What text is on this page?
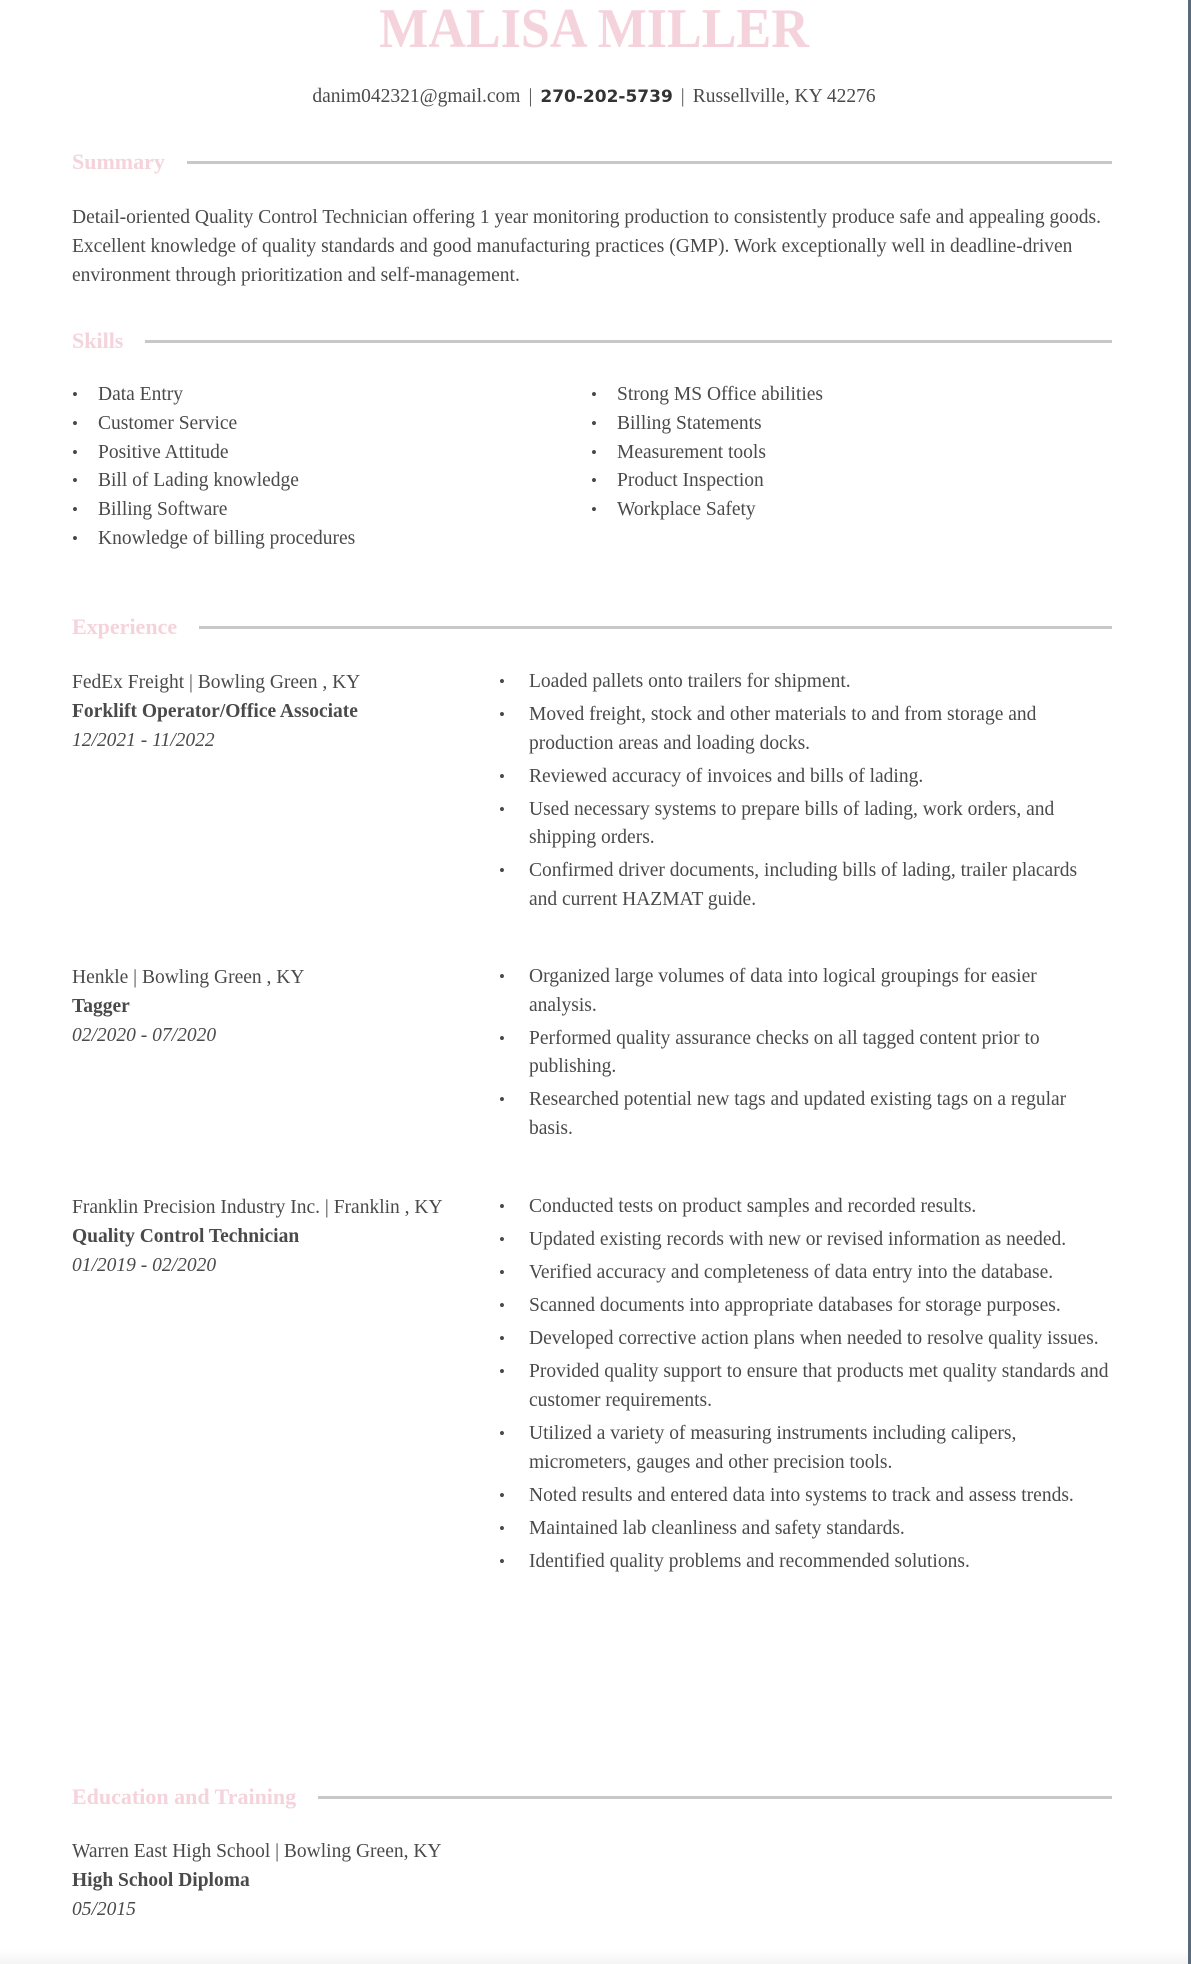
MALISA MILLER
danim042321@gmail.com | 270-202-5739 | Russellville, KY 42276
Summary
Detail-oriented Quality Control Technician offering 1 year monitoring production to consistently produce safe and appealing goods. Excellent knowledge of quality standards and good manufacturing practices (GMP). Work exceptionally well in deadline-driven environment through prioritization and self-management.
Skills
• Data Entry
• Customer Service
• Positive Attitude
• Bill of Lading knowledge
• Billing Software
• Knowledge of billing procedures
• Strong MS Office abilities
• Billing Statements
• Measurement tools
• Product Inspection
• Workplace Safety
Experience
FedEx Freight | Bowling Green , KY
Forklift Operator/Office Associate
12/2021 - 11/2022
• Loaded pallets onto trailers for shipment.
• Moved freight, stock and other materials to and from storage and production areas and loading docks.
• Reviewed accuracy of invoices and bills of lading.
• Used necessary systems to prepare bills of lading, work orders, and shipping orders.
• Confirmed driver documents, including bills of lading, trailer placards and current HAZMAT guide.
Henkle | Bowling Green , KY
Tagger
02/2020 - 07/2020
• Organized large volumes of data into logical groupings for easier analysis.
• Performed quality assurance checks on all tagged content prior to publishing.
• Researched potential new tags and updated existing tags on a regular basis.
Franklin Precision Industry Inc. | Franklin , KY
Quality Control Technician
01/2019 - 02/2020
• Conducted tests on product samples and recorded results.
• Updated existing records with new or revised information as needed.
• Verified accuracy and completeness of data entry into the database.
• Scanned documents into appropriate databases for storage purposes.
• Developed corrective action plans when needed to resolve quality issues.
• Provided quality support to ensure that products met quality standards and customer requirements.
• Utilized a variety of measuring instruments including calipers, micrometers, gauges and other precision tools.
• Noted results and entered data into systems to track and assess trends.
• Maintained lab cleanliness and safety standards.
• Identified quality problems and recommended solutions.
Education and Training
Warren East High School | Bowling Green, KY
High School Diploma
05/2015
